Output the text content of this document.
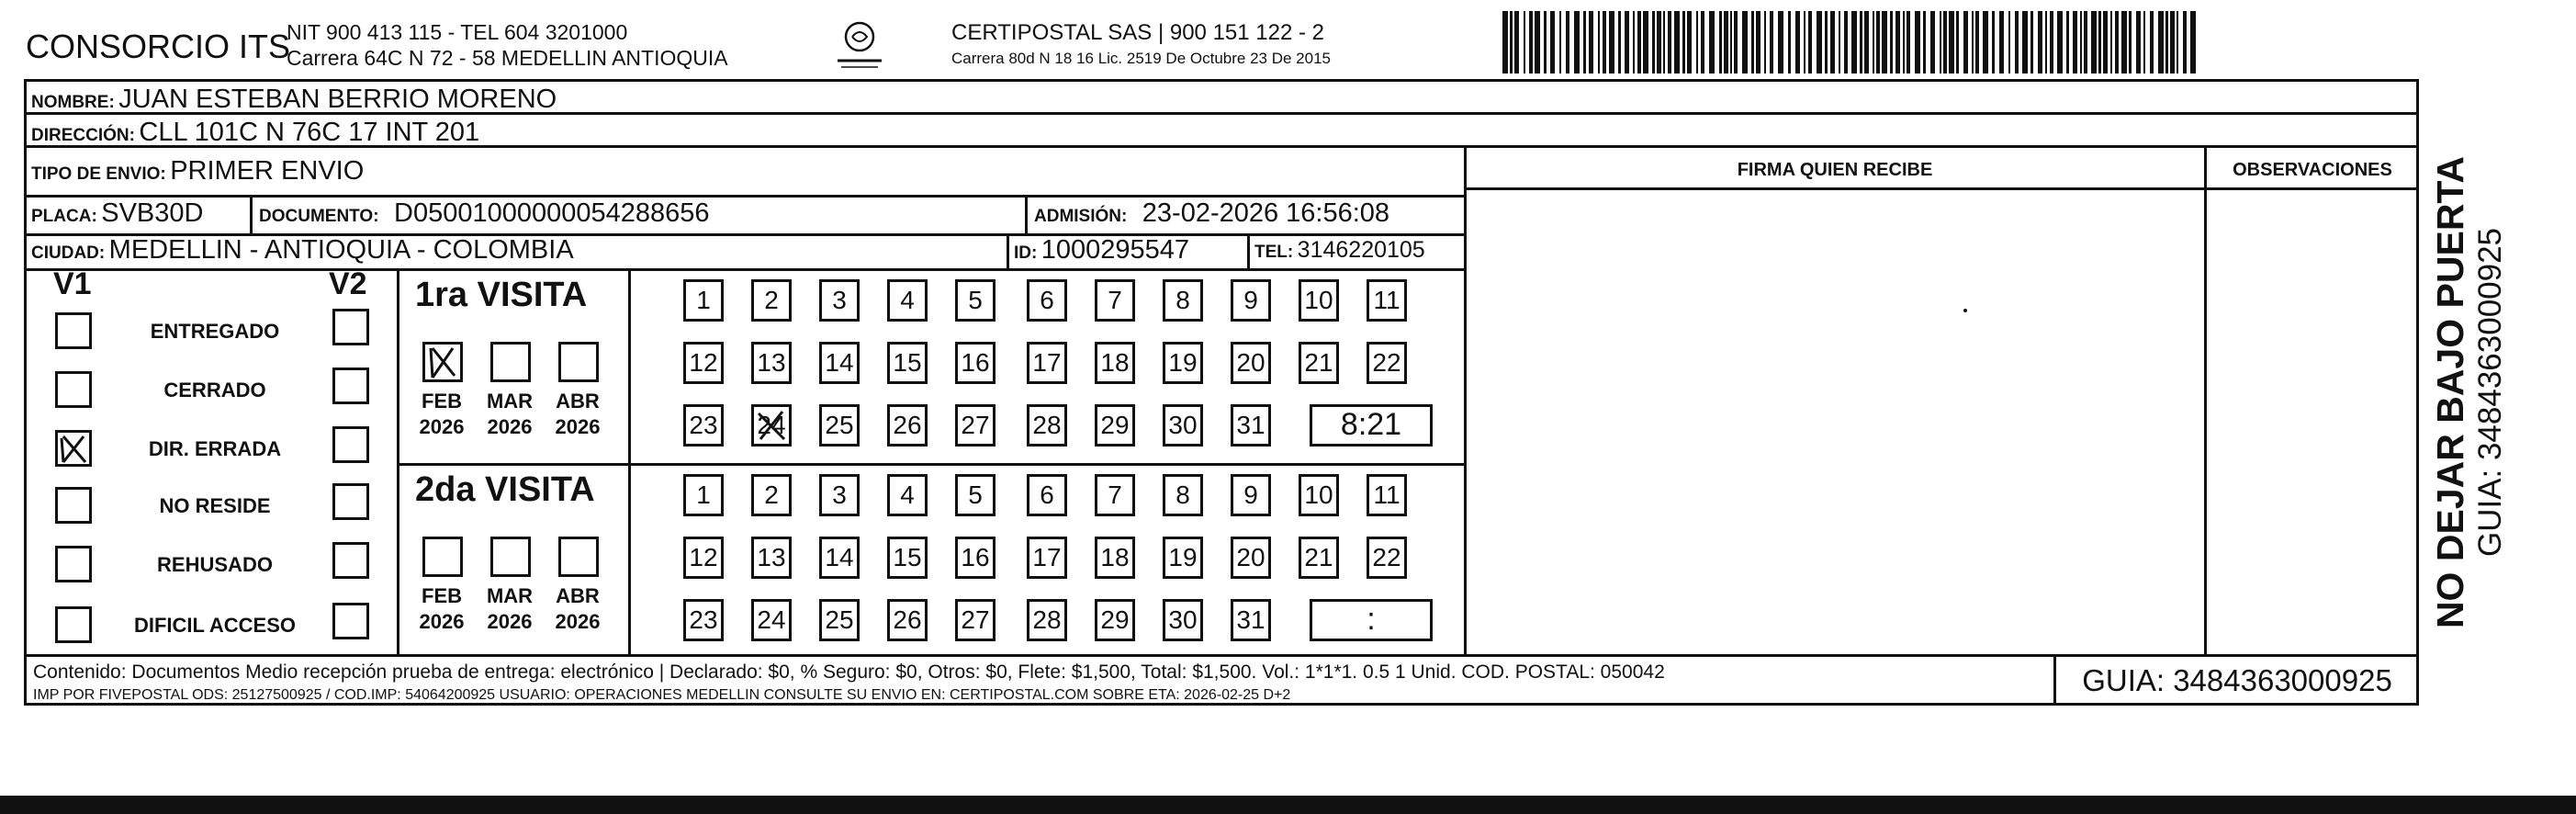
CONSORCIO ITS
NIT 900 413 115 - TEL 604 3201000
Carrera 64C N 72 - 58 MEDELLIN ANTIOQUIA
CERTIPOSTAL SAS | 900 151 122 - 2
Carrera 80d N 18 16 Lic. 2519 De Octubre 23 De 2015
NOMBRE: JUAN ESTEBAN BERRIO MORENO
DIRECCIÓN: CLL 101C N 76C 17 INT 201
TIPO DE ENVIO: PRIMER ENVIO
PLACA: SVB30D	DOCUMENTO: D05001000000054288656	ADMISIÓN: 23-02-2026 16:56:08
CIUDAD: MEDELLIN - ANTIOQUIA - COLOMBIA	ID: 1000295547	TEL: 3146220105
FIRMA QUIEN RECIBE	OBSERVACIONES
V1	V2
ENTREGADO
CERRADO
DIR. ERRADA
NO RESIDE
REHUSADO
DIFICIL ACCESO
1ra VISITA
FEB
2026
MAR
2026
ABR
2026
1	2	3	4	5	6	7	8	9	10 11
12 13 14 15 16 17 18 19 20 21 22
23 24 25 26 27 28 29 30 31	8:21
2da VISITA
FEB
2026
MAR
2026
ABR
2026
1	2	3	4	5	6	7	8	9	10 11
12 13 14 15 16 17 18 19 20 21 22
23 24 25 26 27 28 29 30 31	:
Contenido: Documentos Medio recepción prueba de entrega: electrónico | Declarado: $0, % Seguro: $0, Otros: $0, Flete: $1,500, Total: $1,500. Vol.: 1*1*1. 0.5 1 Unid. COD. POSTAL: 050042
IMP POR FIVEPOSTAL ODS: 25127500925 / COD.IMP: 54064200925 USUARIO: OPERACIONES MEDELLIN CONSULTE SU ENVIO EN: CERTIPOSTAL.COM SOBRE ETA: 2026-02-25 D+2	GUIA: 3484363000925
NO DEJAR BAJO PUERTA GUIA: 3484363000925
